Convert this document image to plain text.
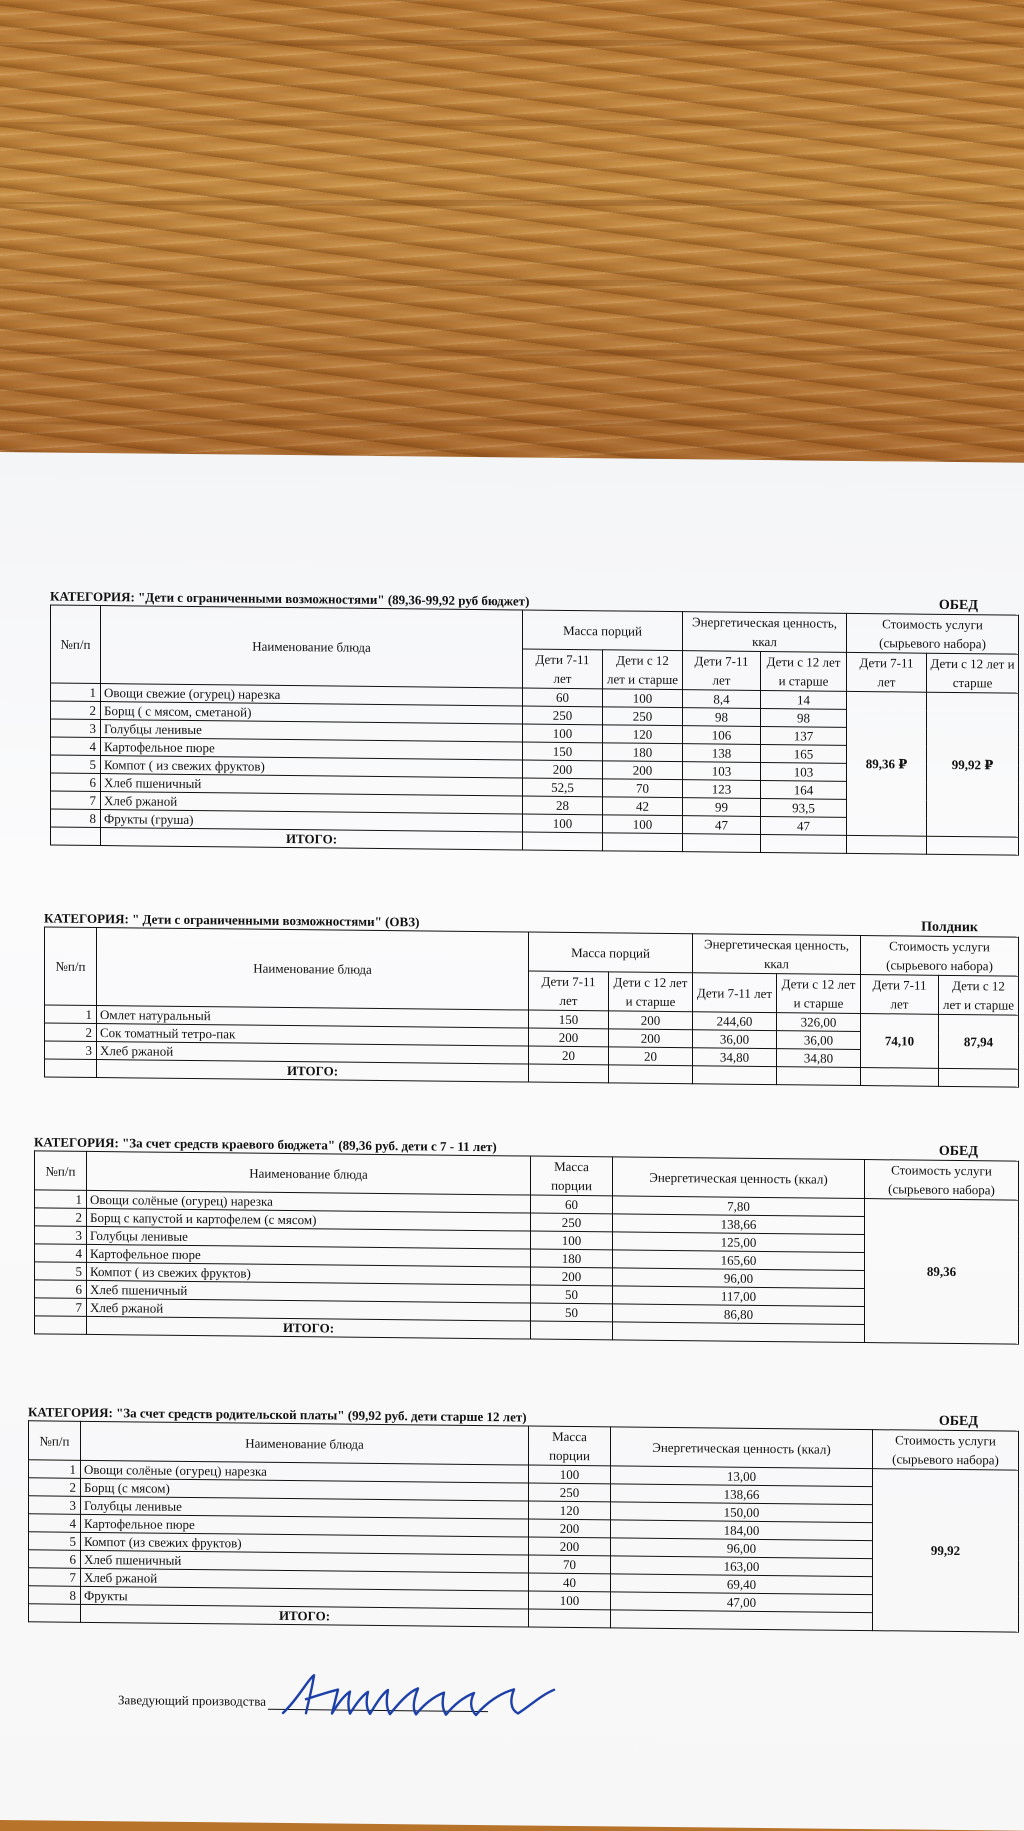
КАТЕГОРИЯ: "Дети с ограниченными возможностями" (89,36-99,92 руб бюджет)	ОБЕД
№п/п	Наименование блюда	Масса порций		Энергетическая ценность, ккал		Стоимость услуги (сырьевого набора)	
		Дети 7-11 лет	Дети с 12 лет и старше	Дети 7-11 лет	Дети с 12 лет и старше	Дети 7-11 лет	Дети с 12 лет и старше
1	Овощи свежие (огурец) нарезка	60	100	8,4	14	89,36 ₽	99,92 ₽
2	Борщ ( с мясом, сметаной)	250	250	98	98		
3	Голубцы ленивые	100	120	106	137		
4	Картофельное пюре	150	180	138	165		
5	Компот ( из свежих фруктов)	200	200	103	103		
6	Хлеб пшеничный	52,5	70	123	164		
7	Хлеб ржаной	28	42	99	93,5		
8	Фрукты (груша)	100	100	47	47		
	ИТОГО:						
КАТЕГОРИЯ: " Дети с ограниченными возможностями" (ОВЗ)	Полдник
№п/п	Наименование блюда	Масса порций		Энергетическая ценность, ккал		Стоимость услуги (сырьевого набора)	
		Дети 7-11 лет	Дети с 12 лет и старше	Дети 7-11 лет	Дети с 12 лет и старше	Дети 7-11 лет	Дети с 12 лет и старше
1	Омлет натуральный	150	200	244,60	326,00	74,10	87,94
2	Сок томатный тетро-пак	200	200	36,00	36,00		
3	Хлеб ржаной	20	20	34,80	34,80		
	ИТОГО:						
КАТЕГОРИЯ: "За счет средств краевого бюджета" (89,36 руб. дети с 7 - 11 лет)	ОБЕД
№п/п	Наименование блюда	Масса порции	Энергетическая ценность (ккал)	Стоимость услуги (сырьевого набора)
1	Овощи солёные (огурец) нарезка	60	7,80	89,36
2	Борщ с капустой и картофелем (с мясом)	250	138,66	
3	Голубцы ленивые	100	125,00	
4	Картофельное пюре	180	165,60	
5	Компот ( из свежих фруктов)	200	96,00	
6	Хлеб пшеничный	50	117,00	
7	Хлеб ржаной	50	86,80	
	ИТОГО:			
КАТЕГОРИЯ: "За счет средств родительской платы" (99,92 руб. дети старше 12 лет)	ОБЕД
№п/п	Наименование блюда	Масса порции	Энергетическая ценность (ккал)	Стоимость услуги (сырьевого набора)
1	Овощи солёные (огурец) нарезка	100	13,00	99,92
2	Борщ (с мясом)	250	138,66	
3	Голубцы ленивые	120	150,00	
4	Картофельное пюре	200	184,00	
5	Компот (из свежих фруктов)	200	96,00	
6	Хлеб пшеничный	70	163,00	
7	Хлеб ржаной	40	69,40	
8	Фрукты	100	47,00	
	ИТОГО:			
Заведующий производства
